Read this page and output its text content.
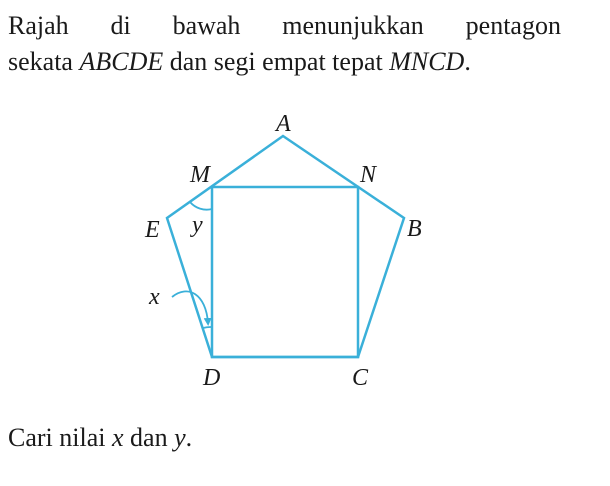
Rajah di bawah menunjukkan pentagon
sekata ABCDE dan segi empat tepat MNCD.
A
B
C
D
E
M	N
x
y
Cari nilai x dan y.
